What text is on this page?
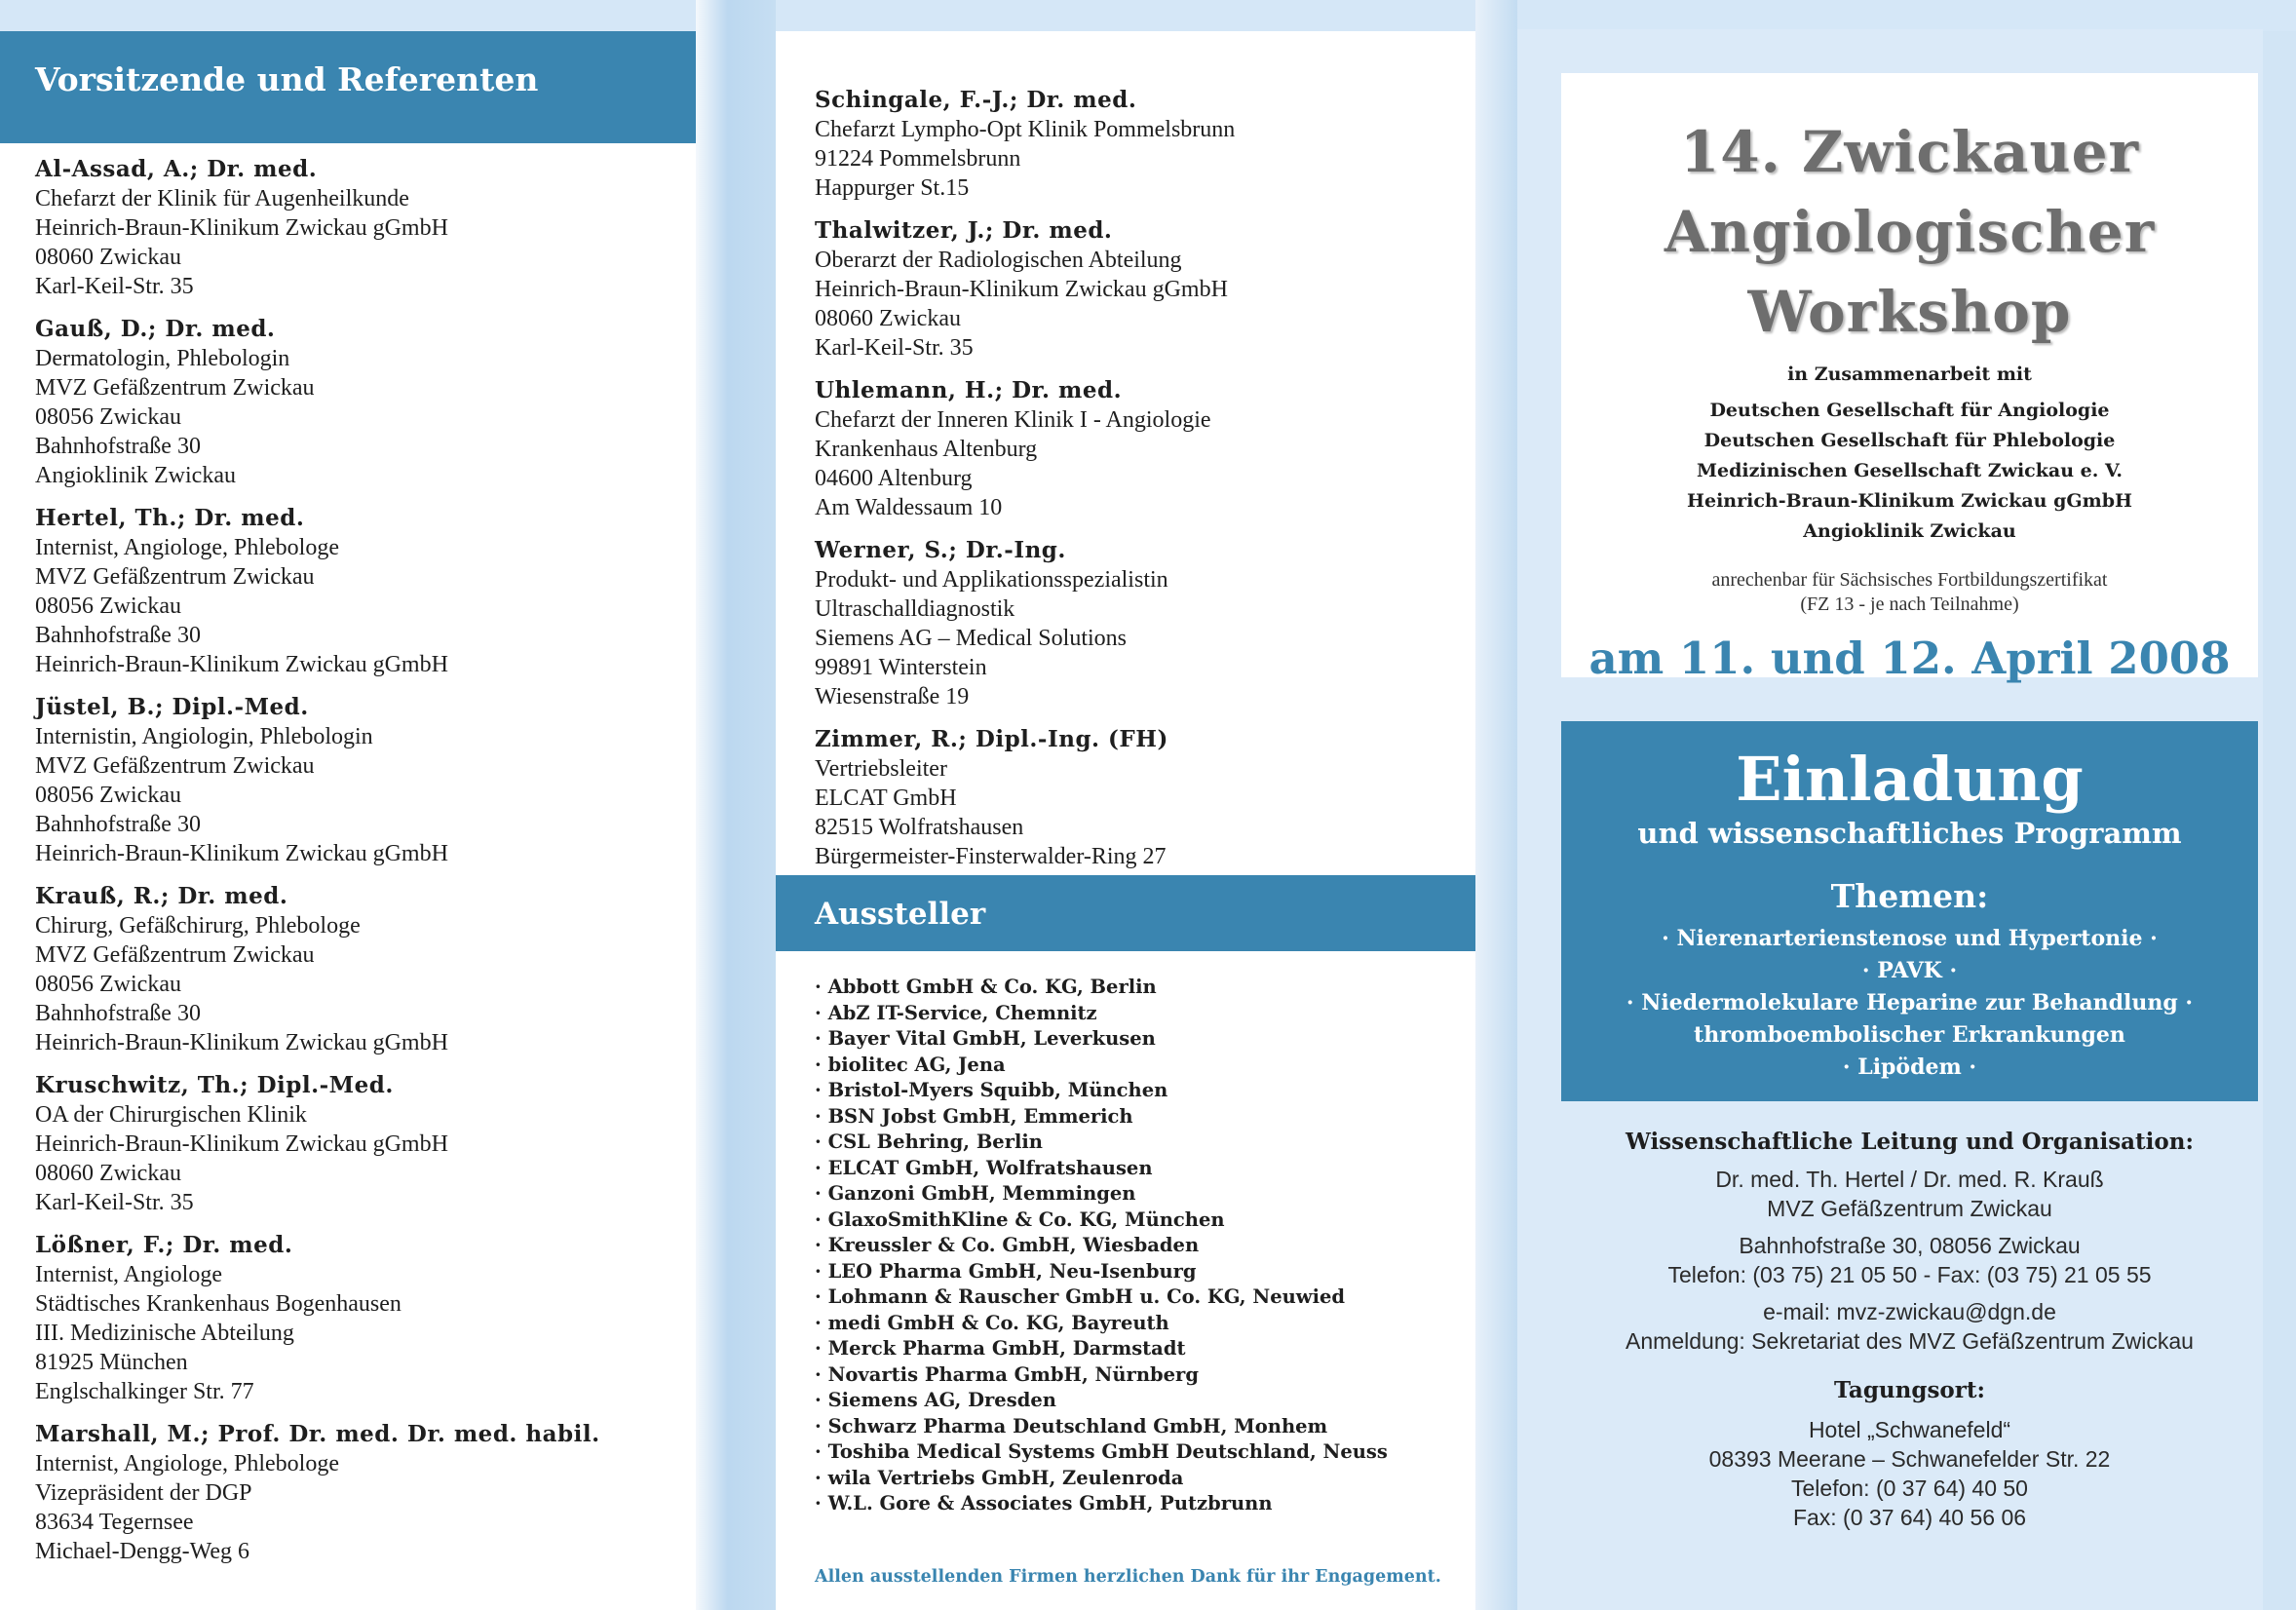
Vorsitzende und Referenten
Al-Assad, A.; Dr. med.
Chefarzt der Klinik für Augenheilkunde
Heinrich-Braun-Klinikum Zwickau gGmbH
08060 Zwickau
Karl-Keil-Str. 35
Gauß, D.; Dr. med.
Dermatologin, Phlebologin
MVZ Gefäßzentrum Zwickau
08056 Zwickau
Bahnhofstraße 30
Angioklinik Zwickau
Hertel, Th.; Dr. med.
Internist, Angiologe, Phlebologe
MVZ Gefäßzentrum Zwickau
08056 Zwickau
Bahnhofstraße 30
Heinrich-Braun-Klinikum Zwickau gGmbH
Jüstel, B.; Dipl.-Med.
Internistin, Angiologin, Phlebologin
MVZ Gefäßzentrum Zwickau
08056 Zwickau
Bahnhofstraße 30
Heinrich-Braun-Klinikum Zwickau gGmbH
Krauß, R.; Dr. med.
Chirurg, Gefäßchirurg, Phlebologe
MVZ Gefäßzentrum Zwickau
08056 Zwickau
Bahnhofstraße 30
Heinrich-Braun-Klinikum Zwickau gGmbH
Kruschwitz, Th.; Dipl.-Med.
OA der Chirurgischen Klinik
Heinrich-Braun-Klinikum Zwickau gGmbH
08060 Zwickau
Karl-Keil-Str. 35
Lößner, F.; Dr. med.
Internist, Angiologe
Städtisches Krankenhaus Bogenhausen
III. Medizinische Abteilung
81925 München
Englschalkinger Str. 77
Marshall, M.; Prof. Dr. med. Dr. med. habil.
Internist, Angiologe, Phlebologe
Vizepräsident der DGP
83634 Tegernsee
Michael-Dengg-Weg 6
Schingale, F.-J.; Dr. med.
Chefarzt Lympho-Opt Klinik Pommelsbrunn
91224 Pommelsbrunn
Happurger St.15
Thalwitzer, J.; Dr. med.
Oberarzt der Radiologischen Abteilung
Heinrich-Braun-Klinikum Zwickau gGmbH
08060 Zwickau
Karl-Keil-Str. 35
Uhlemann, H.; Dr. med.
Chefarzt der Inneren Klinik I - Angiologie
Krankenhaus Altenburg
04600 Altenburg
Am Waldessaum 10
Werner, S.; Dr.-Ing.
Produkt- und Applikationsspezialistin
Ultraschalldiagnostik
Siemens AG – Medical Solutions
99891 Winterstein
Wiesenstraße 19
Zimmer, R.; Dipl.-Ing. (FH)
Vertriebsleiter
ELCAT GmbH
82515 Wolfratshausen
Bürgermeister-Finsterwalder-Ring 27
Aussteller
· Abbott GmbH & Co. KG, Berlin
· AbZ IT-Service, Chemnitz
· Bayer Vital GmbH, Leverkusen
· biolitec AG, Jena
· Bristol-Myers Squibb, München
· BSN Jobst GmbH, Emmerich
· CSL Behring, Berlin
· ELCAT GmbH, Wolfratshausen
· Ganzoni GmbH, Memmingen
· GlaxoSmithKline & Co. KG, München
· Kreussler & Co. GmbH, Wiesbaden
· LEO Pharma GmbH, Neu-Isenburg
· Lohmann & Rauscher GmbH u. Co. KG, Neuwied
· medi GmbH & Co. KG, Bayreuth
· Merck Pharma GmbH, Darmstadt
· Novartis Pharma GmbH, Nürnberg
· Siemens AG, Dresden
· Schwarz Pharma Deutschland GmbH, Monhem
· Toshiba Medical Systems GmbH Deutschland, Neuss
· wila Vertriebs GmbH, Zeulenroda
· W.L. Gore & Associates GmbH, Putzbrunn
Allen ausstellenden Firmen herzlichen Dank für ihr Engagement.
14. Zwickauer
Angiologischer
Workshop
in Zusammenarbeit mit
Deutschen Gesellschaft für Angiologie
Deutschen Gesellschaft für Phlebologie
Medizinischen Gesellschaft Zwickau e. V.
Heinrich-Braun-Klinikum Zwickau gGmbH
Angioklinik Zwickau
anrechenbar für Sächsisches Fortbildungszertifikat
(FZ 13 - je nach Teilnahme)
am 11. und 12. April 2008
Einladung
und wissenschaftliches Programm
Themen:
· Nierenarterienstenose und Hypertonie ·
· PAVK ·
· Niedermolekulare Heparine zur Behandlung ·
thromboembolischer Erkrankungen
· Lipödem ·
Wissenschaftliche Leitung und Organisation:
Dr. med. Th. Hertel / Dr. med. R. Krauß
MVZ Gefäßzentrum Zwickau
Bahnhofstraße 30, 08056 Zwickau
Telefon: (03 75) 21 05 50 - Fax: (03 75) 21 05 55
e-mail: mvz-zwickau@dgn.de
Anmeldung: Sekretariat des MVZ Gefäßzentrum Zwickau
Tagungsort:
Hotel „Schwanefeld“
08393 Meerane – Schwanefelder Str. 22
Telefon: (0 37 64) 40 50
Fax: (0 37 64) 40 56 06
